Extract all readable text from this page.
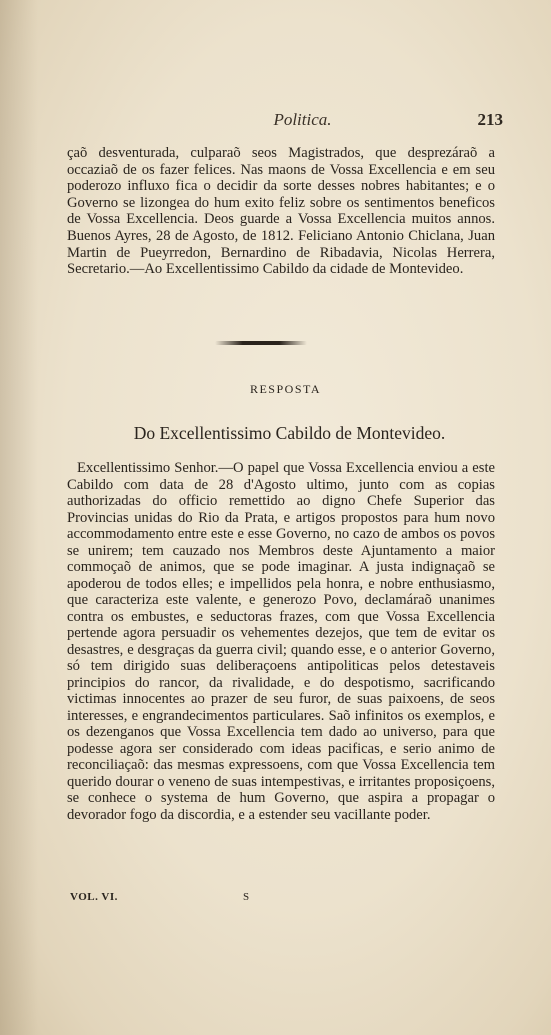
Politica.	213

çaõ desventurada, culparaõ seos Magistrados, que desprezáraõ a occaziaõ de os fazer felices. Nas maons de Vossa Excellencia e em seu poderozo influxo fica o decidir da sorte desses nobres habitantes; e o Governo se lizongea do hum exito feliz sobre os sentimentos beneficos de Vossa Excellencia. Deos guarde a Vossa Excellencia muitos annos. Buenos Ayres, 28 de Agosto, de 1812. Feliciano Antonio Chiclana, Juan Martin de Pueyrredon, Bernardino de Ribadavia, Nicolas Herrera, Secretario.—Ao Excellentissimo Cabildo da cidade de Montevideo.

RESPOSTA
Do Excellentissimo Cabildo de Montevideo.

Excellentissimo Senhor.—O papel que Vossa Excellencia enviou a este Cabildo com data de 28 d'Agosto ultimo, junto com as copias authorizadas do officio remettido ao digno Chefe Superior das Provincias unidas do Rio da Prata, e artigos propostos para hum novo accommodamento entre este e esse Governo, no cazo de ambos os povos se unirem; tem cauzado nos Membros deste Ajuntamento a maior commoçaõ de animos, que se pode imaginar. A justa indignaçaõ se apoderou de todos elles; e impellidos pela honra, e nobre enthusiasmo, que caracteriza este valente, e generozo Povo, declamáraõ unanimes contra os embustes, e seductoras frazes, com que Vossa Excellencia pertende agora persuadir os vehementes dezejos, que tem de evitar os desastres, e desgraças da guerra civil; quando esse, e o anterior Governo, só tem dirigido suas deliberaçoens antipoliticas pelos detestaveis principios do rancor, da rivalidade, e do despotismo, sacrificando victimas innocentes ao prazer de seu furor, de suas paixoens, de seos interesses, e engrandecimentos particulares. Saõ infinitos os exemplos, e os dezenganos que Vossa Excellencia tem dado ao universo, para que podesse agora ser considerado com ideas pacificas, e serio animo de reconciliaçaõ: das mesmas expressoens, com que Vossa Excellencia tem querido dourar o veneno de suas intempestivas, e irritantes proposiçoens, se conhece o systema de hum Governo, que aspira a propagar o devorador fogo da discordia, e a estender seu vacillante poder.

VOL. VI.	S
